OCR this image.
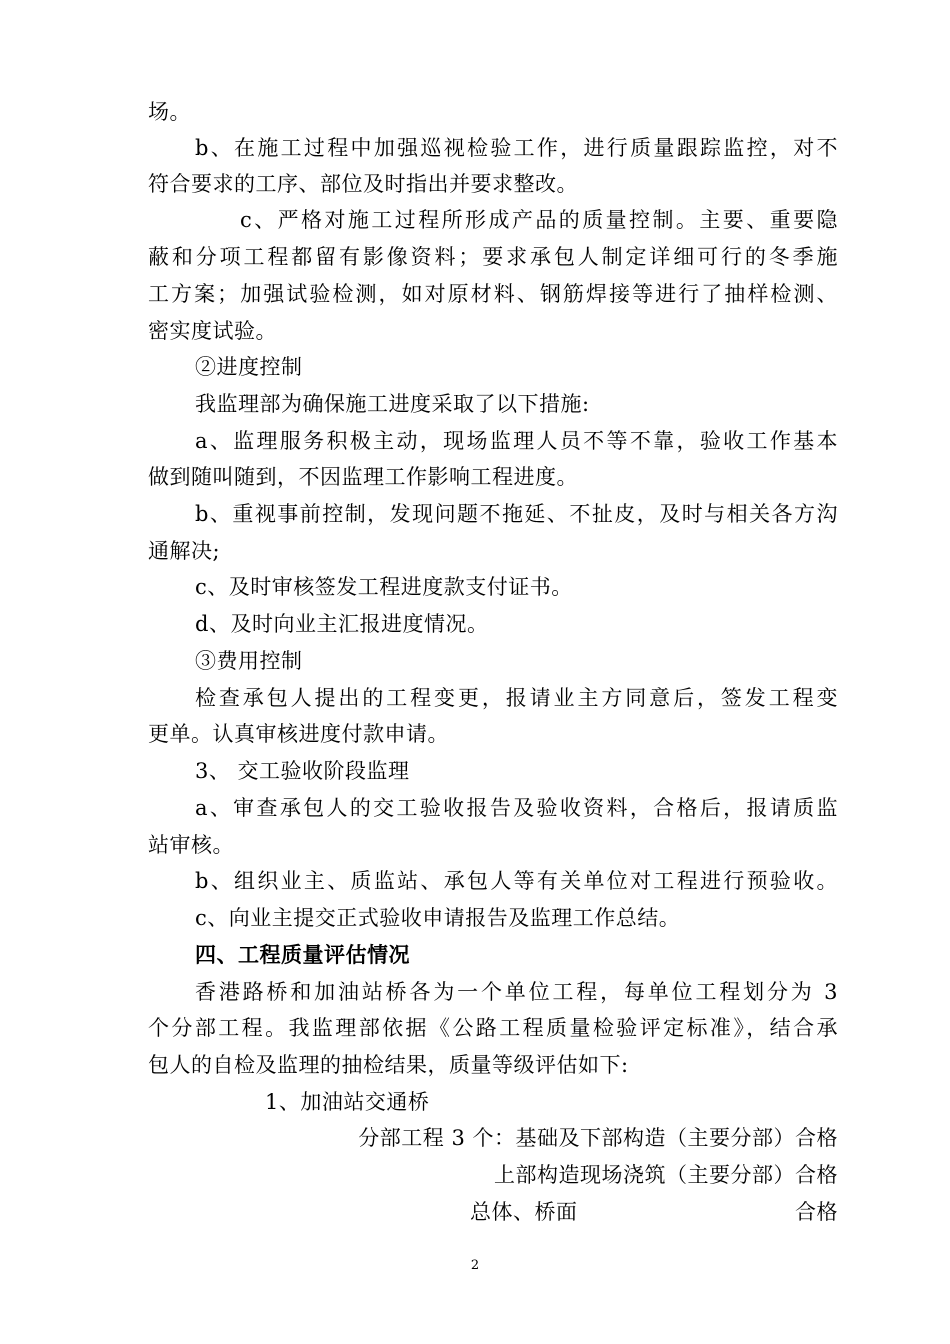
场。
b、在施工过程中加强巡视检验工作，进行质量跟踪监控，对不
符合要求的工序、部位及时指出并要求整改。
c、严格对施工过程所形成产品的质量控制。主要、重要隐
蔽和分项工程都留有影像资料；要求承包人制定详细可行的冬季施
工方案；加强试验检测，如对原材料、钢筋焊接等进行了抽样检测、
密实度试验。
②进度控制
我监理部为确保施工进度采取了以下措施:
a、监理服务积极主动，现场监理人员不等不靠，验收工作基本
做到随叫随到，不因监理工作影响工程进度。
b、重视事前控制，发现问题不拖延、不扯皮，及时与相关各方沟
通解决;
c、及时审核签发工程进度款支付证书。
d、及时向业主汇报进度情况。
③费用控制
检查承包人提出的工程变更，报请业主方同意后，签发工程变
更单。认真审核进度付款申请。
3、 交工验收阶段监理
a、审查承包人的交工验收报告及验收资料，合格后，报请质监
站审核。
b、组织业主、质监站、承包人等有关单位对工程进行预验收。
c、向业主提交正式验收申请报告及监理工作总结。
四、工程质量评估情况
香港路桥和加油站桥各为一个单位工程，每单位工程划分为 3
个分部工程。我监理部依据《公路工程质量检验评定标准》，结合承
包人的自检及监理的抽检结果，质量等级评估如下:
1、加油站交通桥
分部工程 3 个：基础及下部构造（主要分部）合格
上部构造现场浇筑（主要分部）合格
总体、桥面	合格
2
